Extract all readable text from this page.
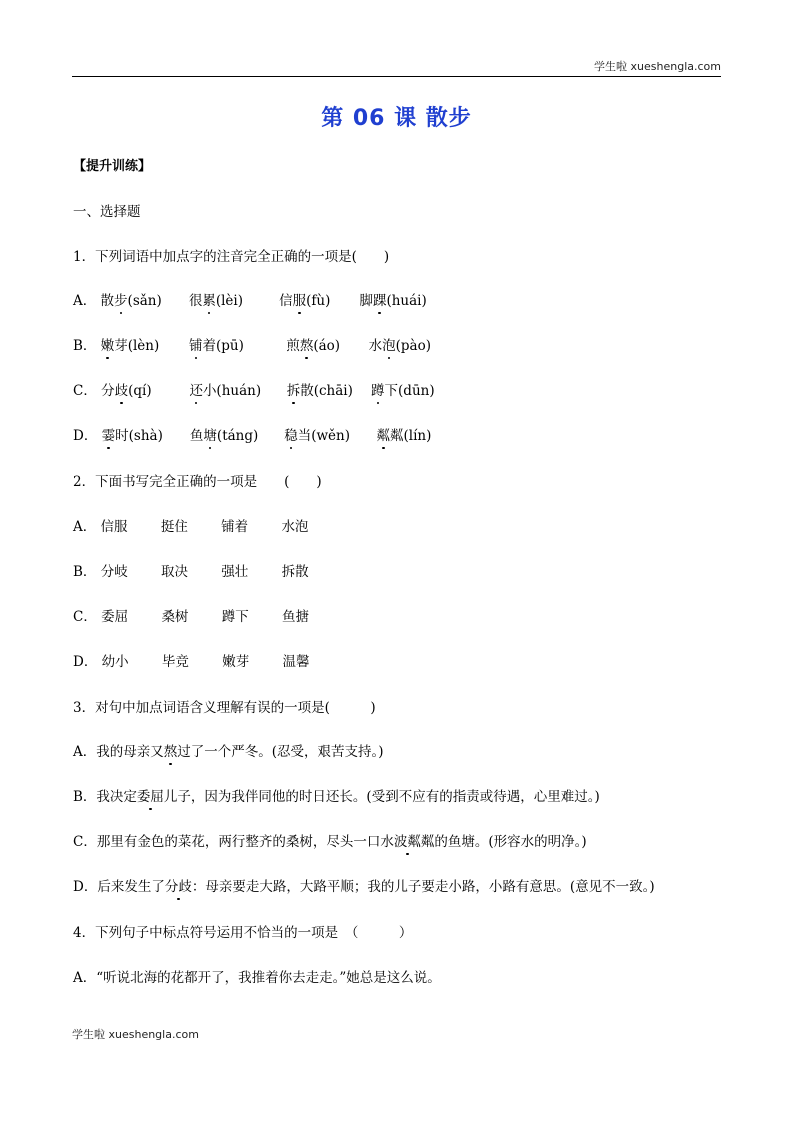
学生啦 xueshengla.com
第 06 课 散步
【提升训练】
一、选择题
1．下列词语中加点字的注音完全正确的一项是(　　)
A． 散步(sǎn) 很累(lèi)	信服(fù) 脚踝(huái)
B． 嫩芽(lèn) 铺着(pū)	煎熬(áo) 水泡(pào)
C． 分歧(qí)	还小(huán) 拆散(chāi) 蹲下(dūn)
D． 霎时(shà) 鱼塘(táng) 稳当(wěn) 粼粼(lín)
2．下面书写完全正确的一项是　　(　　)
A． 信服 挺住 铺着 水泡
B． 分岐 取决 强壮 拆散
C． 委屈 桑树 蹲下 鱼搪
D． 幼小 毕竞 嫩芽 温馨
3．对句中加点词语含义理解有误的一项是(　　　)
A．我的母亲又熬过了一个严冬。(忍受，艰苦支持。)
B．我决定委屈儿子，因为我伴同他的时日还长。(受到不应有的指责或待遇，心里难过。)
C．那里有金色的菜花，两行整齐的桑树，尽头一口水波粼粼的鱼塘。(形容水的明净。)
D．后来发生了分歧：母亲要走大路，大路平顺；我的儿子要走小路，小路有意思。(意见不一致。)
4．下列句子中标点符号运用不恰当的一项是　（　　　）
A．“听说北海的花都开了，我推着你去走走。”她总是这么说。
学生啦 xueshengla.com
